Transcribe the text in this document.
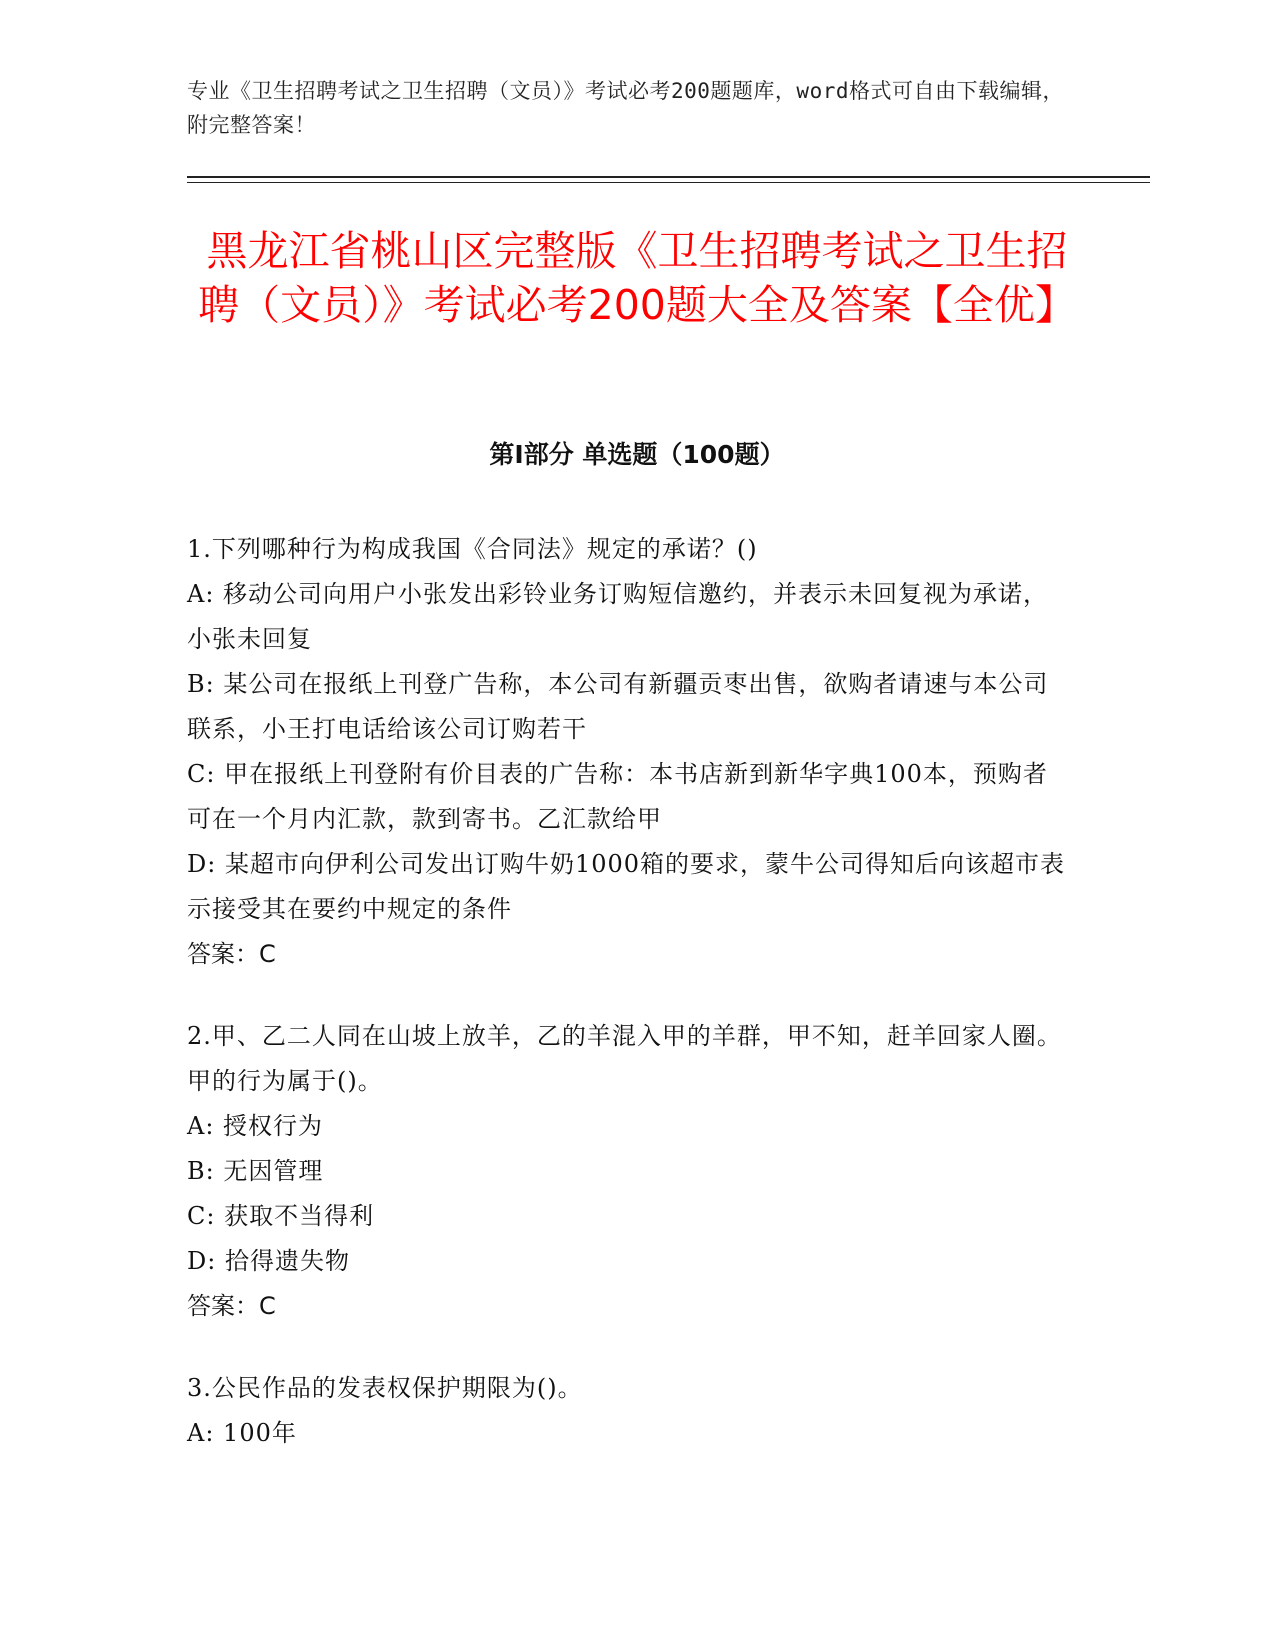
专业《卫生招聘考试之卫生招聘（文员）》考试必考200题题库，word格式可自由下载编辑，附完整答案！
黑龙江省桃山区完整版《卫生招聘考试之卫生招聘（文员）》考试必考200题大全及答案【全优】
第Ⅰ部分 单选题（100题）
1.下列哪种行为构成我国《合同法》规定的承诺？()
A: 移动公司向用户小张发出彩铃业务订购短信邀约，并表示未回复视为承诺，小张未回复
B: 某公司在报纸上刊登广告称，本公司有新疆贡枣出售，欲购者请速与本公司联系，小王打电话给该公司订购若干
C: 甲在报纸上刊登附有价目表的广告称：本书店新到新华字典100本，预购者可在一个月内汇款，款到寄书。乙汇款给甲
D: 某超市向伊利公司发出订购牛奶1000箱的要求，蒙牛公司得知后向该超市表示接受其在要约中规定的条件
答案：C
2.甲、乙二人同在山坡上放羊，乙的羊混入甲的羊群，甲不知，赶羊回家人圈。甲的行为属于()。
A: 授权行为
B: 无因管理
C: 获取不当得利
D: 拾得遗失物
答案：C
3.公民作品的发表权保护期限为()。
A: 100年
